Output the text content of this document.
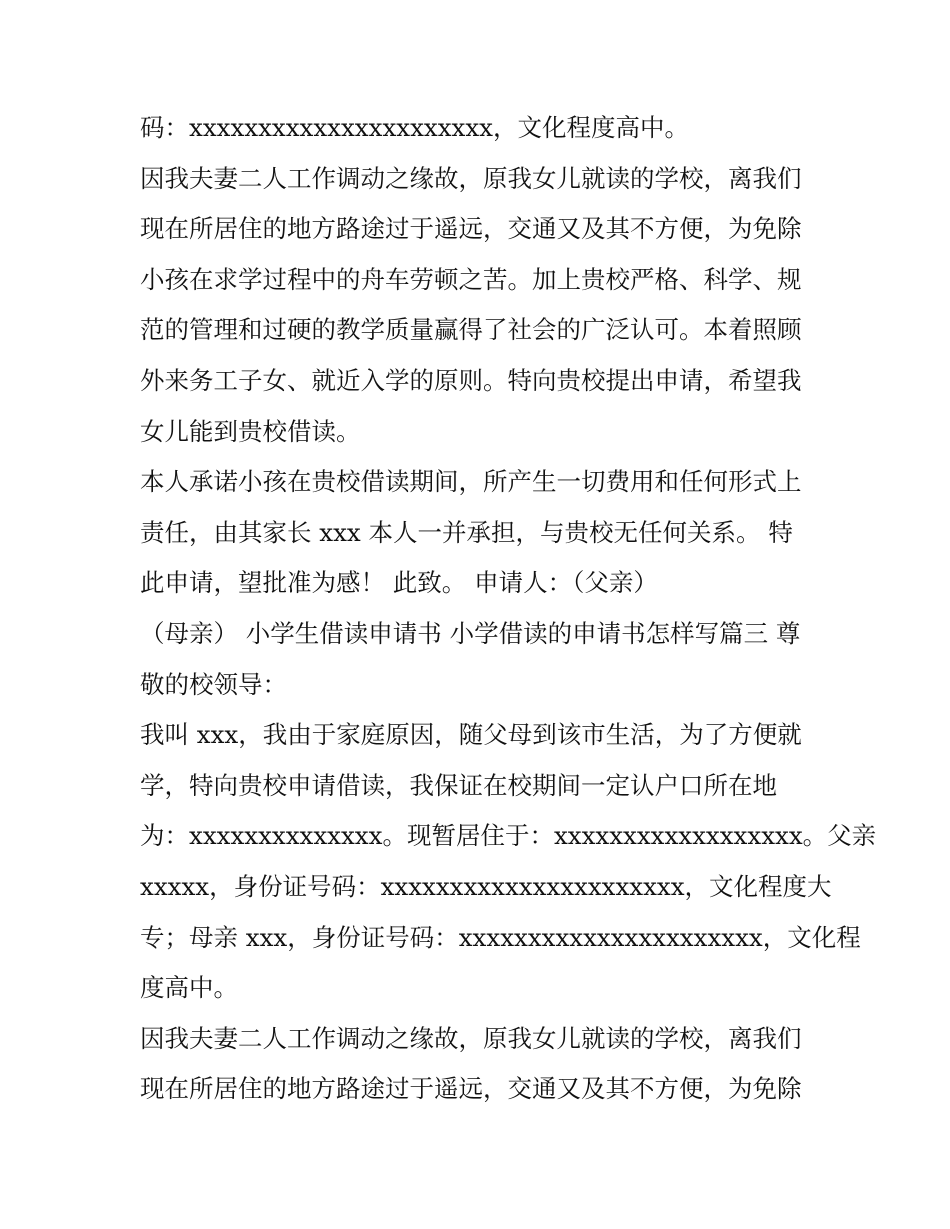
码：xxxxxxxxxxxxxxxxxxxxxx，文化程度高中。
因我夫妻二人工作调动之缘故，原我女儿就读的学校，离我们
现在所居住的地方路途过于遥远，交通又及其不方便，为免除
小孩在求学过程中的舟车劳顿之苦。加上贵校严格、科学、规
范的管理和过硬的教学质量赢得了社会的广泛认可。本着照顾
外来务工子女、就近入学的原则。特向贵校提出申请，希望我
女儿能到贵校借读。
本人承诺小孩在贵校借读期间，所产生一切费用和任何形式上
责任，由其家长 xxx 本人一并承担，与贵校无任何关系。 特
此申请，望批准为感！ 此致。 申请人：（父亲）
（母亲） 小学生借读申请书 小学借读的申请书怎样写篇三 尊
敬的校领导：
我叫 xxx，我由于家庭原因，随父母到该市生活，为了方便就
学，特向贵校申请借读，我保证在校期间一定认户口所在地
为：xxxxxxxxxxxxxx。现暂居住于：xxxxxxxxxxxxxxxxxx。父亲
xxxxx，身份证号码：xxxxxxxxxxxxxxxxxxxxxx，文化程度大
专；母亲 xxx，身份证号码：xxxxxxxxxxxxxxxxxxxxxx，文化程
度高中。
因我夫妻二人工作调动之缘故，原我女儿就读的学校，离我们
现在所居住的地方路途过于遥远，交通又及其不方便，为免除
